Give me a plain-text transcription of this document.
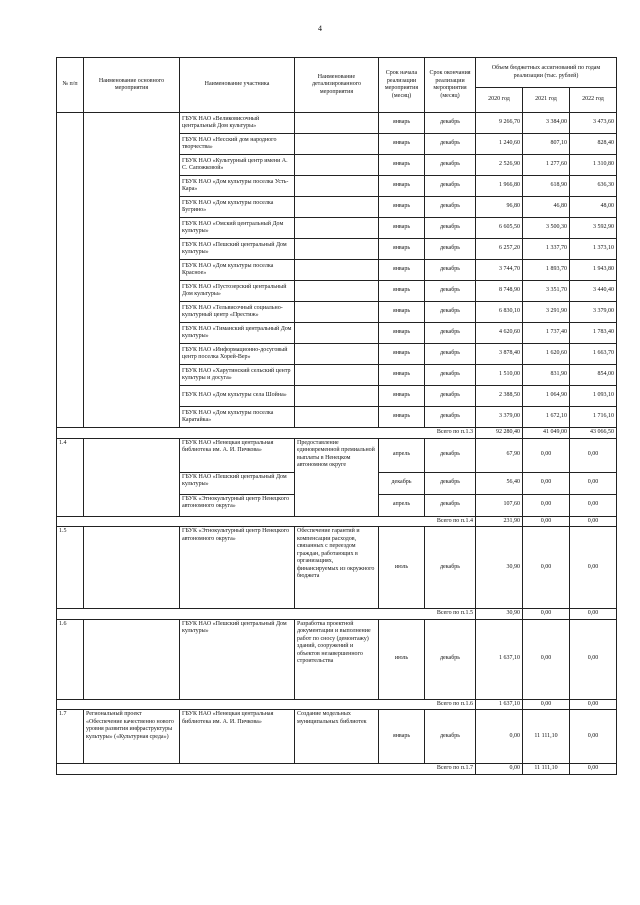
4
№ п/п	Наименование основного мероприятия	Наименование участника	Наименование детализированного мероприятия	Срок начала реализации мероприятия (месяц)	Срок окончания реализации мероприятия (месяц)	Объем бюджетных ассигнований по годам реализации (тыс. рублей)		
						2020 год	2021 год	2022 год
		ГБУК НАО «Великовисочный центральный Дом культуры»		январь	декабрь	9 266,70	3 384,00	3 473,60
		ГБУК НАО «Несский дом народного творчества»		январь	декабрь	1 240,60	807,10	828,40
		ГБУК НАО «Культурный центр имени А. С. Сапожковой»		январь	декабрь	2 526,90	1 277,60	1 310,80
		ГБУК НАО «Дом культуры поселка Усть-Кара»		январь	декабрь	1 966,80	618,90	636,30
		ГБУК НАО «Дом культуры поселка Бугрино»		январь	декабрь	96,80	46,80	48,00
		ГБУК НАО «Омский центральный Дом культуры»		январь	декабрь	6 605,50	3 500,30	3 592,90
		ГБУК НАО «Пешский центральный Дом культуры»		январь	декабрь	6 257,20	1 337,70	1 373,10
		ГБУК НАО «Дом культуры поселка Красное»		январь	декабрь	3 744,70	1 893,70	1 943,80
		ГБУК НАО «Пустозерский центральный Дом культуры»		январь	декабрь	8 748,90	3 351,70	3 440,40
		ГБУК НАО «Тельвисочный социально-культурный центр «Престиж»		январь	декабрь	6 830,10	3 291,90	3 379,00
		ГБУК НАО «Тиманский центральный Дом культуры»		январь	декабрь	4 620,60	1 737,40	1 783,40
		ГБУК НАО «Информационно-досуговый центр поселка Хорей-Вер»		январь	декабрь	3 878,40	1 620,60	1 663,70
		ГБУК НАО «Харутинский сельский центр культуры и досуга»		январь	декабрь	1 510,00	831,90	854,00
		ГБУК НАО «Дом культуры села Шойна»		январь	декабрь	2 388,50	1 064,90	1 093,10
		ГБУК НАО «Дом культуры поселка Каратайка»		январь	декабрь	3 379,00	1 672,10	1 716,10
Всего по п.1.3						92 280,40	41 049,00	43 066,50
1.4		ГБУК НАО «Ненецкая центральная библиотека им. А. И. Пичкова»	Предоставление единовременной премиальной выплаты в Ненецком автономном округе	апрель	декабрь	67,90	0,00	0,00
		ГБУК НАО «Пешский центральный Дом культуры»		декабрь	декабрь	56,40	0,00	0,00
		ГБУК «Этнокультурный центр Ненецкого автономного округа»		апрель	декабрь	107,60	0,00	0,00
Всего по п.1.4						231,90	0,00	0,00
1.5		ГБУК «Этнокультурный центр Ненецкого автономного округа»	Обеспечение гарантий и компенсации расходов, связанных с переездом граждан, работающих в организациях, финансируемых из окружного бюджета	июль	декабрь	30,90	0,00	0,00
Всего по п.1.5						30,90	0,00	0,00
1.6		ГБУК НАО «Пешский центральный Дом культуры»	Разработка проектной документации и выполнение работ по сносу (демонтажу) зданий, сооружений и объектов незавершенного строительства	июль	декабрь	1 637,10	0,00	0,00
Всего по п.1.6						1 637,10	0,00	0,00
1.7	Региональный проект «Обеспечение качественно нового уровня развития инфраструктуры культуры» («Культурная среда»)	ГБУК НАО «Ненецкая центральная библиотека им. А. И. Пичкова»	Создание модельных муниципальных библиотек	январь	декабрь	0,00	11 111,10	0,00
Всего по п.1.7						0,00	11 111,10	0,00
